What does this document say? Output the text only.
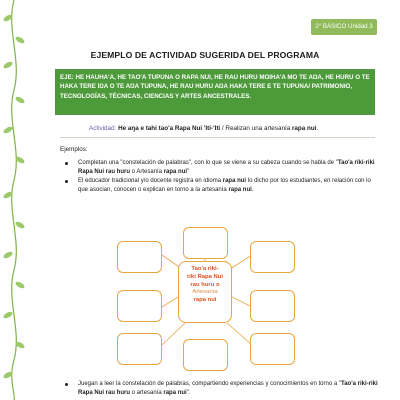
2° BÁSICO Unidad 3
EJEMPLO DE ACTIVIDAD SUGERIDA DEL PROGRAMA
EJE: HE HAUHA'A, HE TAO'A TUPUNA O RAPA NUI, HE RAU HURU MOIHA'A MO TE AŊA, HE HURU O TE HAKA TERE IŊA O TE AŊA TUPUNA, HE RAU HURU AŊA HAKA TERE E TE TUPUNA/ PATRIMONIO, TECNOLOGÍAS, TÉCNICAS, CIENCIAS Y ARTES ANCESTRALES.
Actividad: He aŋa e tahi tao'a Rapa Nui 'Iti-'Iti / Realizan una artesanía rapa nui.
Ejemplos:
Completan una "constelación de palabras", con lo que se viene a su cabeza cuando se habla de "Tao'a riki-riki Rapa Nui rau huru o Artesanía rapa nui"
El educador tradicional y/o docente registra en idioma rapa nui lo dicho por los estudiantes, en relación con lo que asocian, conocen o explican en torno a la artesanía rapa nui.
Tao'a riki-
riki Rapa Nui
rau huru o
Artesanía
rapa nui
Juegan a leer la constelación de palabras, compartiendo experiencias y conocimientos en torno a "Tao'a riki-riki Rapa Nui rau huru o artesanía rapa nui".
